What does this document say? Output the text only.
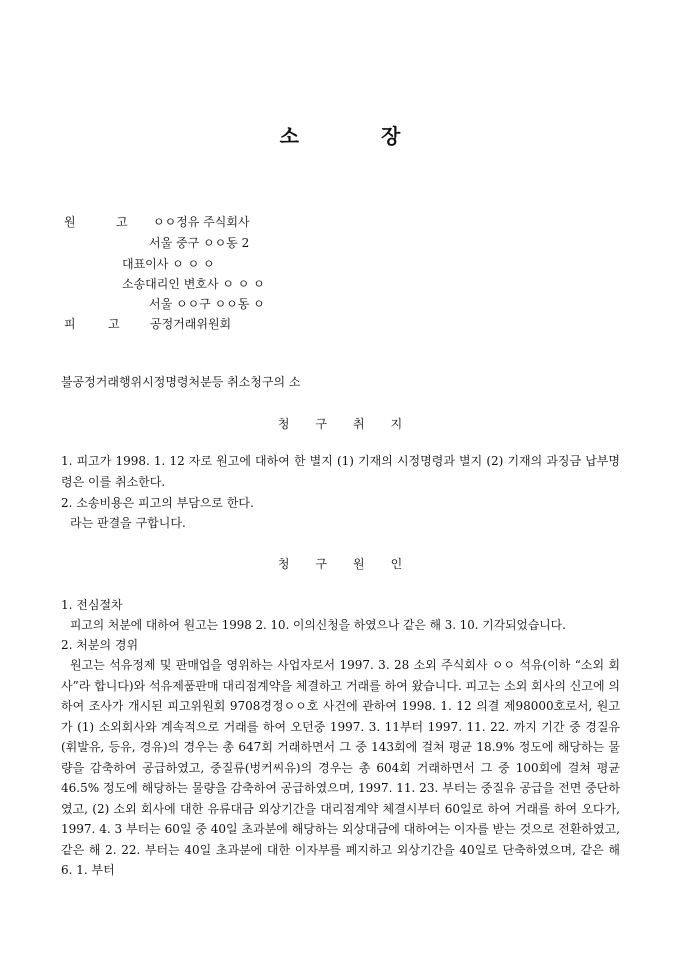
소	장
원	고 ㅇㅇ정유 주식회사
서울 중구 ㅇㅇ동 2
대표이사 ㅇ ㅇ ㅇ
소송대리인 변호사 ㅇ ㅇ ㅇ
서울 ㅇㅇ구 ㅇㅇ동 ㅇ
피	고	공정거래위원회
불공정거래행위시정명령처분등 취소청구의 소
청 구 취 지
1. 피고가 1998. 1. 12 자로 원고에 대하여 한 별지 (1) 기재의 시정명령과 별지 (2) 기재의 과징금 납부명령은 이를 취소한다.
2. 소송비용은 피고의 부담으로 한다.
라는 판결을 구합니다.
청 구 원 인
1. 전심절차
피고의 처분에 대하여 원고는 1998 2. 10. 이의신청을 하였으나 같은 해 3. 10. 기각되었습니다.
2. 처분의 경위
원고는 석유정제 및 판매업을 영위하는 사업자로서 1997. 3. 28 소외 주식회사 ㅇㅇ 석유(이하 “소외 회사”라 합니다)와 석유제품판매 대리점계약을 체결하고 거래를 하여 왔습니다. 피고는 소외 회사의 신고에 의하여 조사가 개시된 피고위원회 9708경정ㅇㅇ호 사건에 관하여 1998. 1. 12 의결 제98000호로서, 원고가 (1) 소외회사와 계속적으로 거래를 하여 오던중 1997. 3. 11부터 1997. 11. 22. 까지 기간 중 경질유(휘발유, 등유, 경유)의 경우는 총 647회 거래하면서 그 중 143회에 걸쳐 평균 18.9% 정도에 해당하는 물량을 감축하여 공급하였고, 중질류(벙커씨유)의 경우는 총 604회 거래하면서 그 중 100회에 걸쳐 평균 46.5% 정도에 해당하는 물량을 감축하여 공급하였으며, 1997. 11. 23. 부터는 중질유 공급을 전면 중단하였고, (2) 소외 회사에 대한 유류대금 외상기간을 대리점계약 체결시부터 60일로 하여 거래를 하여 오다가, 1997. 4. 3 부터는 60일 중 40일 초과분에 해당하는 외상대금에 대하여는 이자를 받는 것으로 전환하였고, 같은 해 2. 22. 부터는 40일 초과분에 대한 이자부를 폐지하고 외상기간을 40일로 단축하였으며, 같은 해 6. 1. 부터
